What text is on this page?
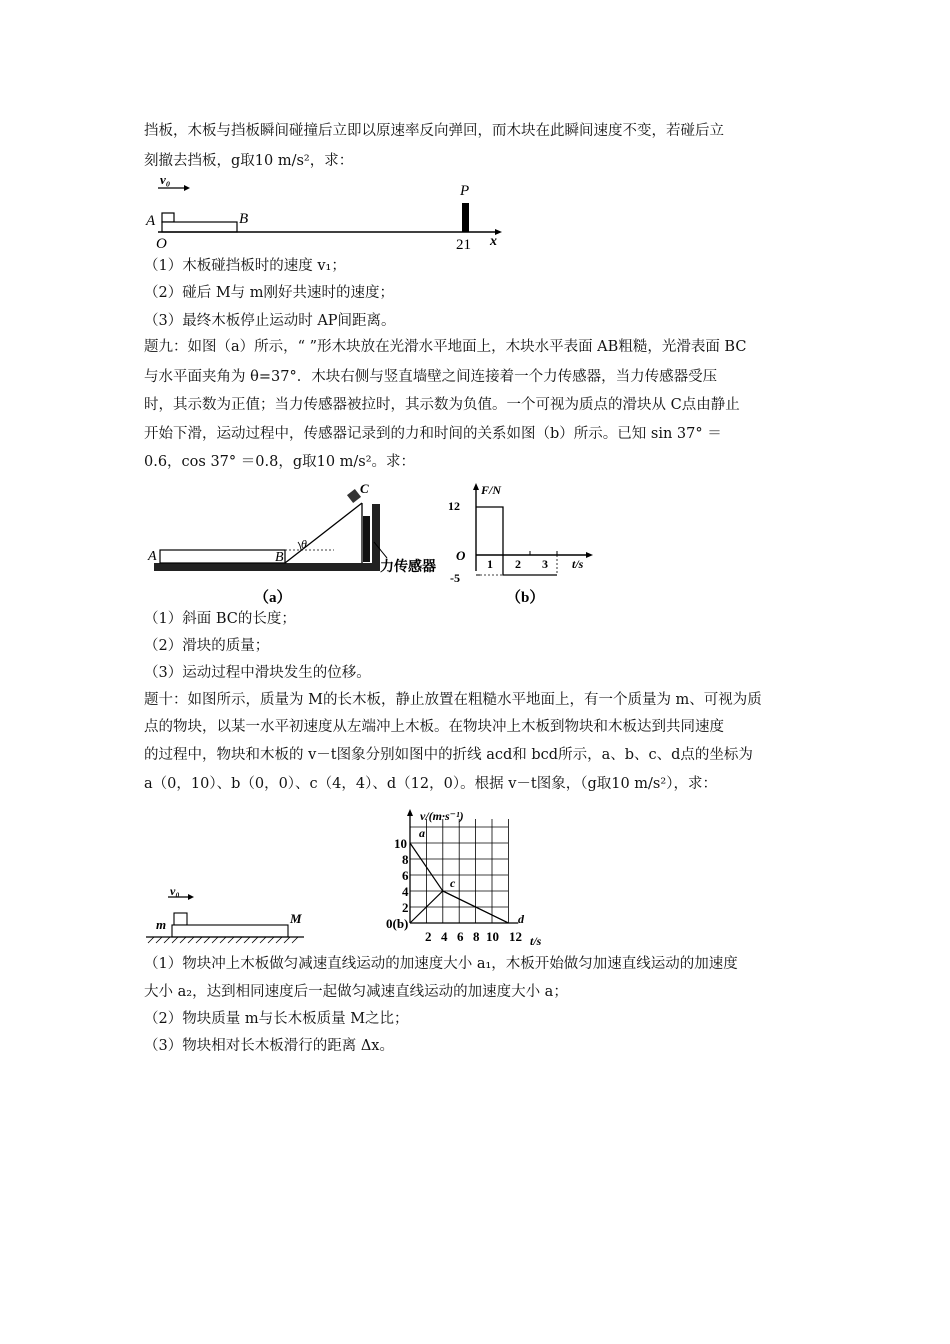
挡板，木板与挡板瞬间碰撞后立即以原速率反向弹回，而木块在此瞬间速度不变，若碰后立
刻撤去挡板，g取10 m/s²，求：
v₀
A	B
O
P
21 x
（1）木板碰挡板时的速度 v₁；
（2）碰后 M与 m刚好共速时的速度；
（3）最终木板停止运动时 AP间距离。
题九：如图（a）所示，“ ”形木块放在光滑水平地面上，木块水平表面 AB粗糙，光滑表面 BC
与水平面夹角为 θ=37°．木块右侧与竖直墙壁之间连接着一个力传感器，当力传感器受压
时，其示数为正值；当力传感器被拉时，其示数为负值。一个可视为质点的滑块从 C点由静止
开始下滑，运动过程中，传感器记录到的力和时间的关系如图（b）所示。已知 sin 37° ＝
0.6，cos 37° ＝0.8，g取10 m/s²。求：
A	B
C
θ
力传感器
（a）
F/N
t/s
O
12
-5
1 2 3
（b）
（1）斜面 BC的长度；
（2）滑块的质量；
（3）运动过程中滑块发生的位移。
题十：如图所示，质量为 M的长木板，静止放置在粗糙水平地面上，有一个质量为 m、可视为质
点的物块，以某一水平初速度从左端冲上木板。在物块冲上木板到物块和木板达到共同速度
的过程中，物块和木板的 v－t图象分别如图中的折线 acd和 bcd所示，a、b、c、d点的坐标为
a（0，10）、b（0，0）、c（4，4）、d（12，0）。根据 v－t图象，（g取10 m/s²），求：
v₀
m	M
v/(m·s⁻¹)
t/s
10
8
6
4
2
0(b)
2 4 6 8 10 12
a
c
d
（1）物块冲上木板做匀减速直线运动的加速度大小 a₁，木板开始做匀加速直线运动的加速度
大小 a₂，达到相同速度后一起做匀减速直线运动的加速度大小 a；
（2）物块质量 m与长木板质量 M之比；
（3）物块相对长木板滑行的距离 Δx。
